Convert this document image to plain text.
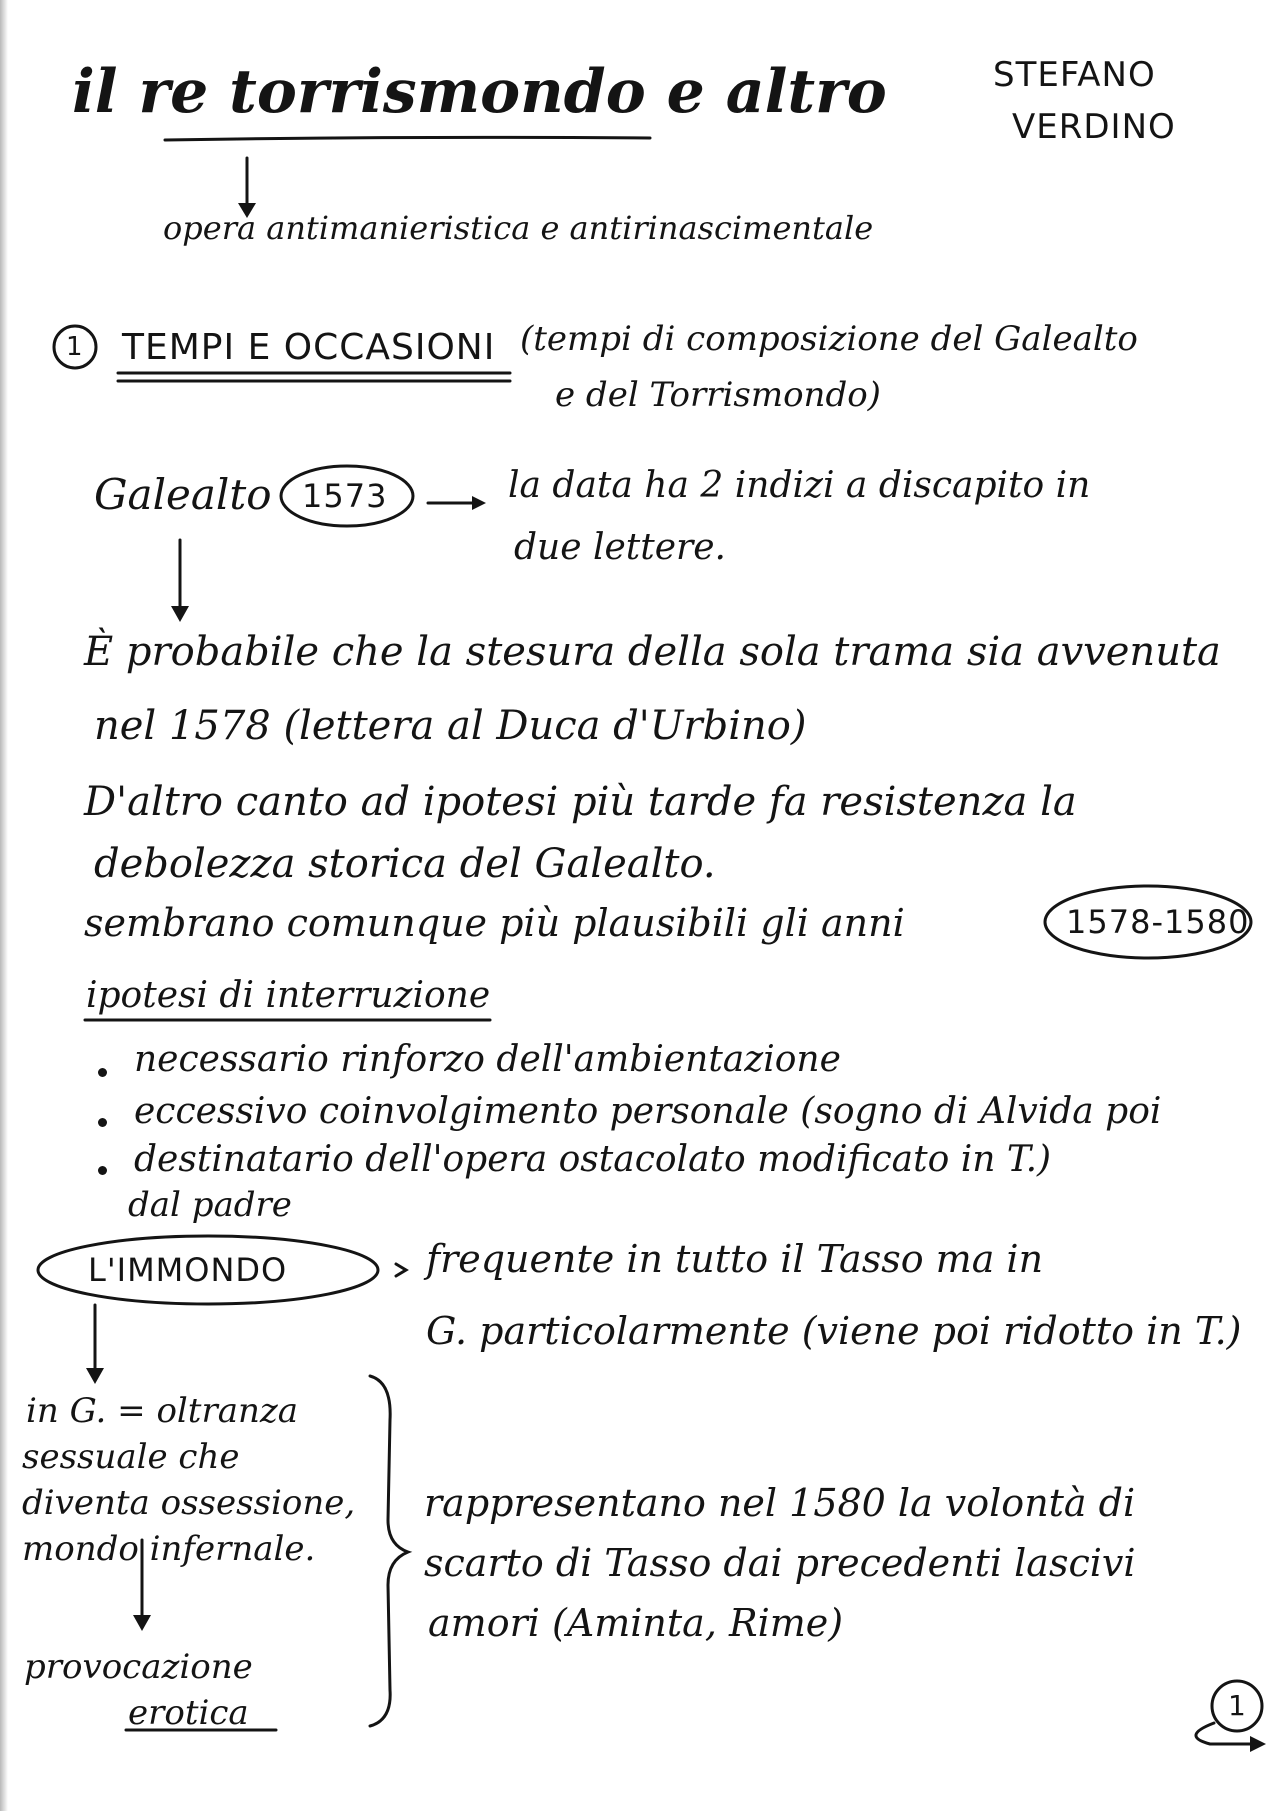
il re torrismondo e altro	STEFANO
VERDINO
opera antimanieristica e antirinascimentale
1 TEMPI E OCCASIONI (tempi di composizione del Galealto
e del Torrismondo)
Galealto 1573	la data ha 2 indizi a discapito in
due lettere.
È probabile che la stesura della sola trama sia avvenuta
nel 1578 (lettera al Duca d'Urbino)
D'altro canto ad ipotesi più tarde fa resistenza la
debolezza storica del Galealto.
sembrano comunque più plausibili gli anni	1578-1580
ipotesi di interruzione
necessario rinforzo dell'ambientazione
eccessivo coinvolgimento personale (sogno di Alvida poi
destinatario dell'opera ostacolato modificato in T.)
dal padre
L'IMMONDO	frequente in tutto il Tasso ma in
G. particolarmente (viene poi ridotto in T.)
in G. = oltranza
sessuale che
diventa ossessione,
mondo infernale.
provocazione
erotica
rappresentano nel 1580 la volontà di
scarto di Tasso dai precedenti lascivi
amori (Aminta, Rime)
1
